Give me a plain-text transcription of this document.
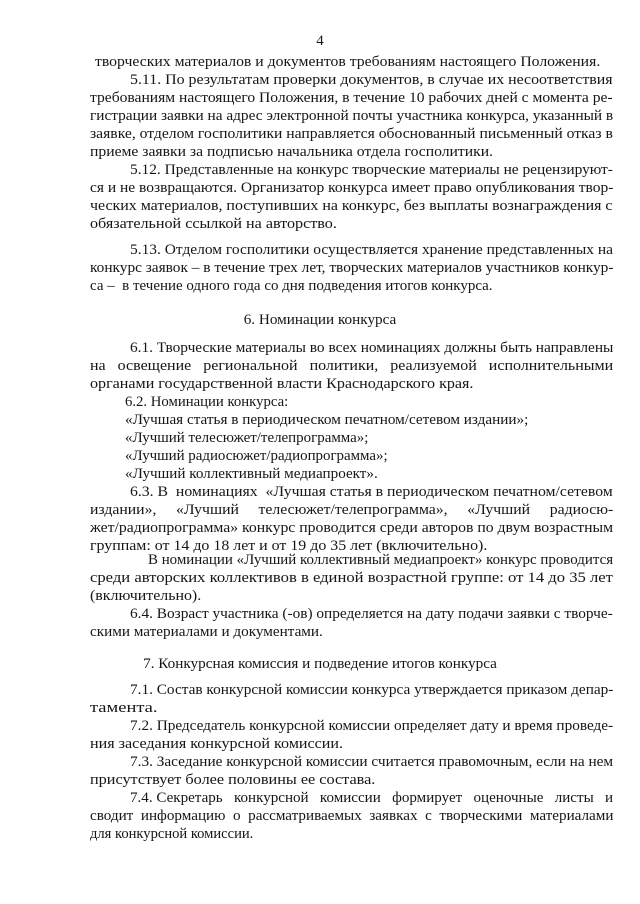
4
творческих материалов и документов требованиям настоящего Положения.
5.11. По результатам проверки документов, в случае их несоответствия
требованиям настоящего Положения, в течение 10 рабочих дней с момента ре-
гистрации заявки на адрес электронной почты участника конкурса, указанный в
заявке, отделом госполитики направляется обоснованный письменный отказ в
приеме заявки за подписью начальника отдела госполитики.
5.12. Представленные на конкурс творческие материалы не рецензируют-
ся и не возвращаются. Организатор конкурса имеет право опубликования твор-
ческих материалов, поступивших на конкурс, без выплаты вознаграждения с
обязательной ссылкой на авторство.
5.13. Отделом госполитики осуществляется хранение представленных на
конкурс заявок – в течение трех лет, творческих материалов участников конкур-
са –  в течение одного года со дня подведения итогов конкурса.
6. Номинации конкурса
6.1. Творческие материалы во всех номинациях должны быть направлены
на   освещение   региональной   политики,   реализуемой   исполнительными
органами государственной власти Краснодарского края.
6.2. Номинации конкурса:
«Лучшая статья в периодическом печатном/сетевом издании»;
«Лучший телесюжет/телепрограмма»;
«Лучший радиосюжет/радиопрограмма»;
«Лучший коллективный медиапроект».
6.3. В  номинациях  «Лучшая статья в периодическом печатном/сетевом
издании»,     «Лучший     телесюжет/телепрограмма»,     «Лучший     радиосю-
жет/радиопрограмма» конкурс проводится среди авторов по двум возрастным
группам: от 14 до 18 лет и от 19 до 35 лет (включительно).
В номинации «Лучший коллективный медиапроект» конкурс проводится
среди авторских коллективов в единой возрастной группе: от 14 до 35 лет
(включительно).
6.4. Возраст участника (-ов) определяется на дату подачи заявки с творче-
скими материалами и документами.
7. Конкурсная комиссия и подведение итогов конкурса
7.1. Состав конкурсной комиссии конкурса утверждается приказом депар-
тамента.
7.2. Председатель конкурсной комиссии определяет дату и время проведе-
ния заседания конкурсной комиссии.
7.3. Заседание конкурсной комиссии считается правомочным, если на нем
присутствует более половины ее состава.
7.4. Секретарь   конкурсной   комиссии   формирует   оценочные   листы   и
сводит  информацию  о  рассматриваемых  заявках  с  творческими  материалами
для конкурсной комиссии.
